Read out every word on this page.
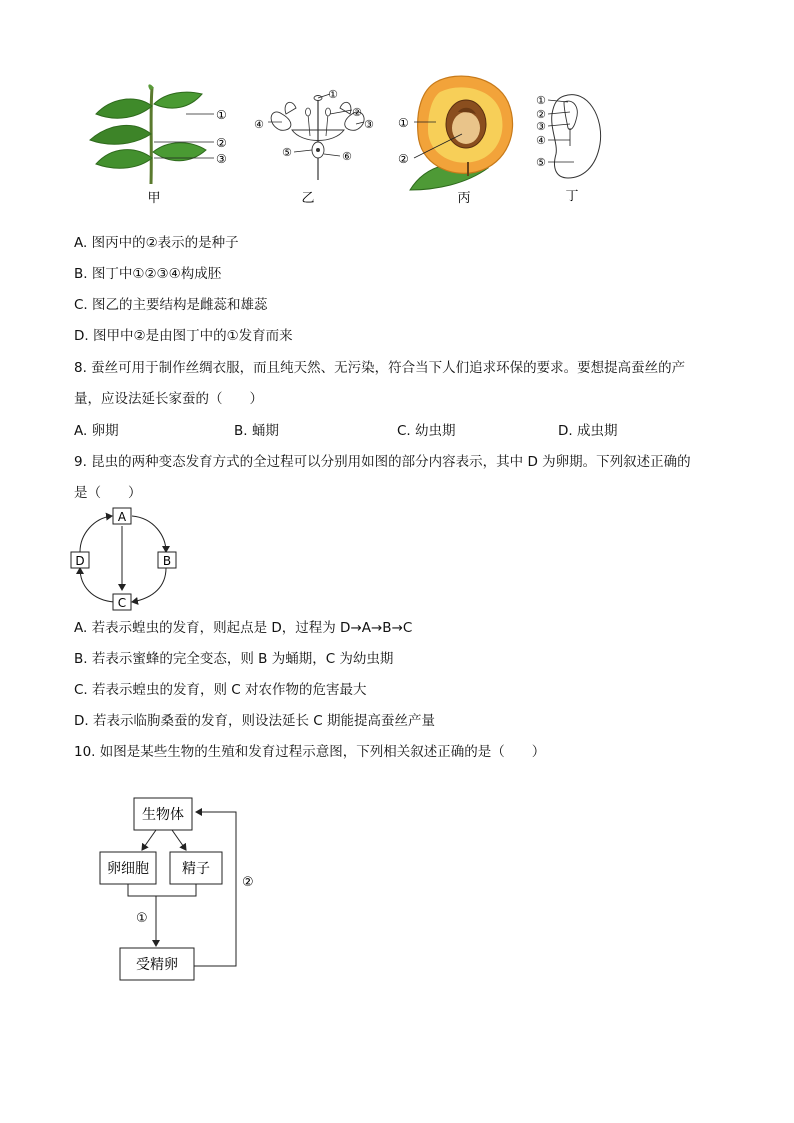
①
②
③
甲
①
②
③
④
⑤	⑥
乙
①
②
丙
①
②
③
④
⑤
丁
A. 图丙中的②表示的是种子
B. 图丁中①②③④构成胚
C. 图乙的主要结构是雌蕊和雄蕊
D. 图甲中②是由图丁中的①发育而来
8. 蚕丝可用于制作丝绸衣服，而且纯天然、无污染，符合当下人们追求环保的要求。要想提高蚕丝的产
量，应设法延长家蚕的（　　）
A. 卵期	B. 蛹期	C. 幼虫期	D. 成虫期
9. 昆虫的两种变态发育方式的全过程可以分别用如图的部分内容表示，其中 D 为卵期。下列叙述正确的
是（　　）
A
B
C
D
A. 若表示蝗虫的发育，则起点是 D，过程为 D→A→B→C
B. 若表示蜜蜂的完全变态，则 B 为蛹期，C 为幼虫期
C. 若表示蝗虫的发育，则 C 对农作物的危害最大
D. 若表示临朐桑蚕的发育，则设法延长 C 期能提高蚕丝产量
10. 如图是某些生物的生殖和发育过程示意图，下列相关叙述正确的是（　　）
生物体
卵细胞 精子
受精卵
①
②
